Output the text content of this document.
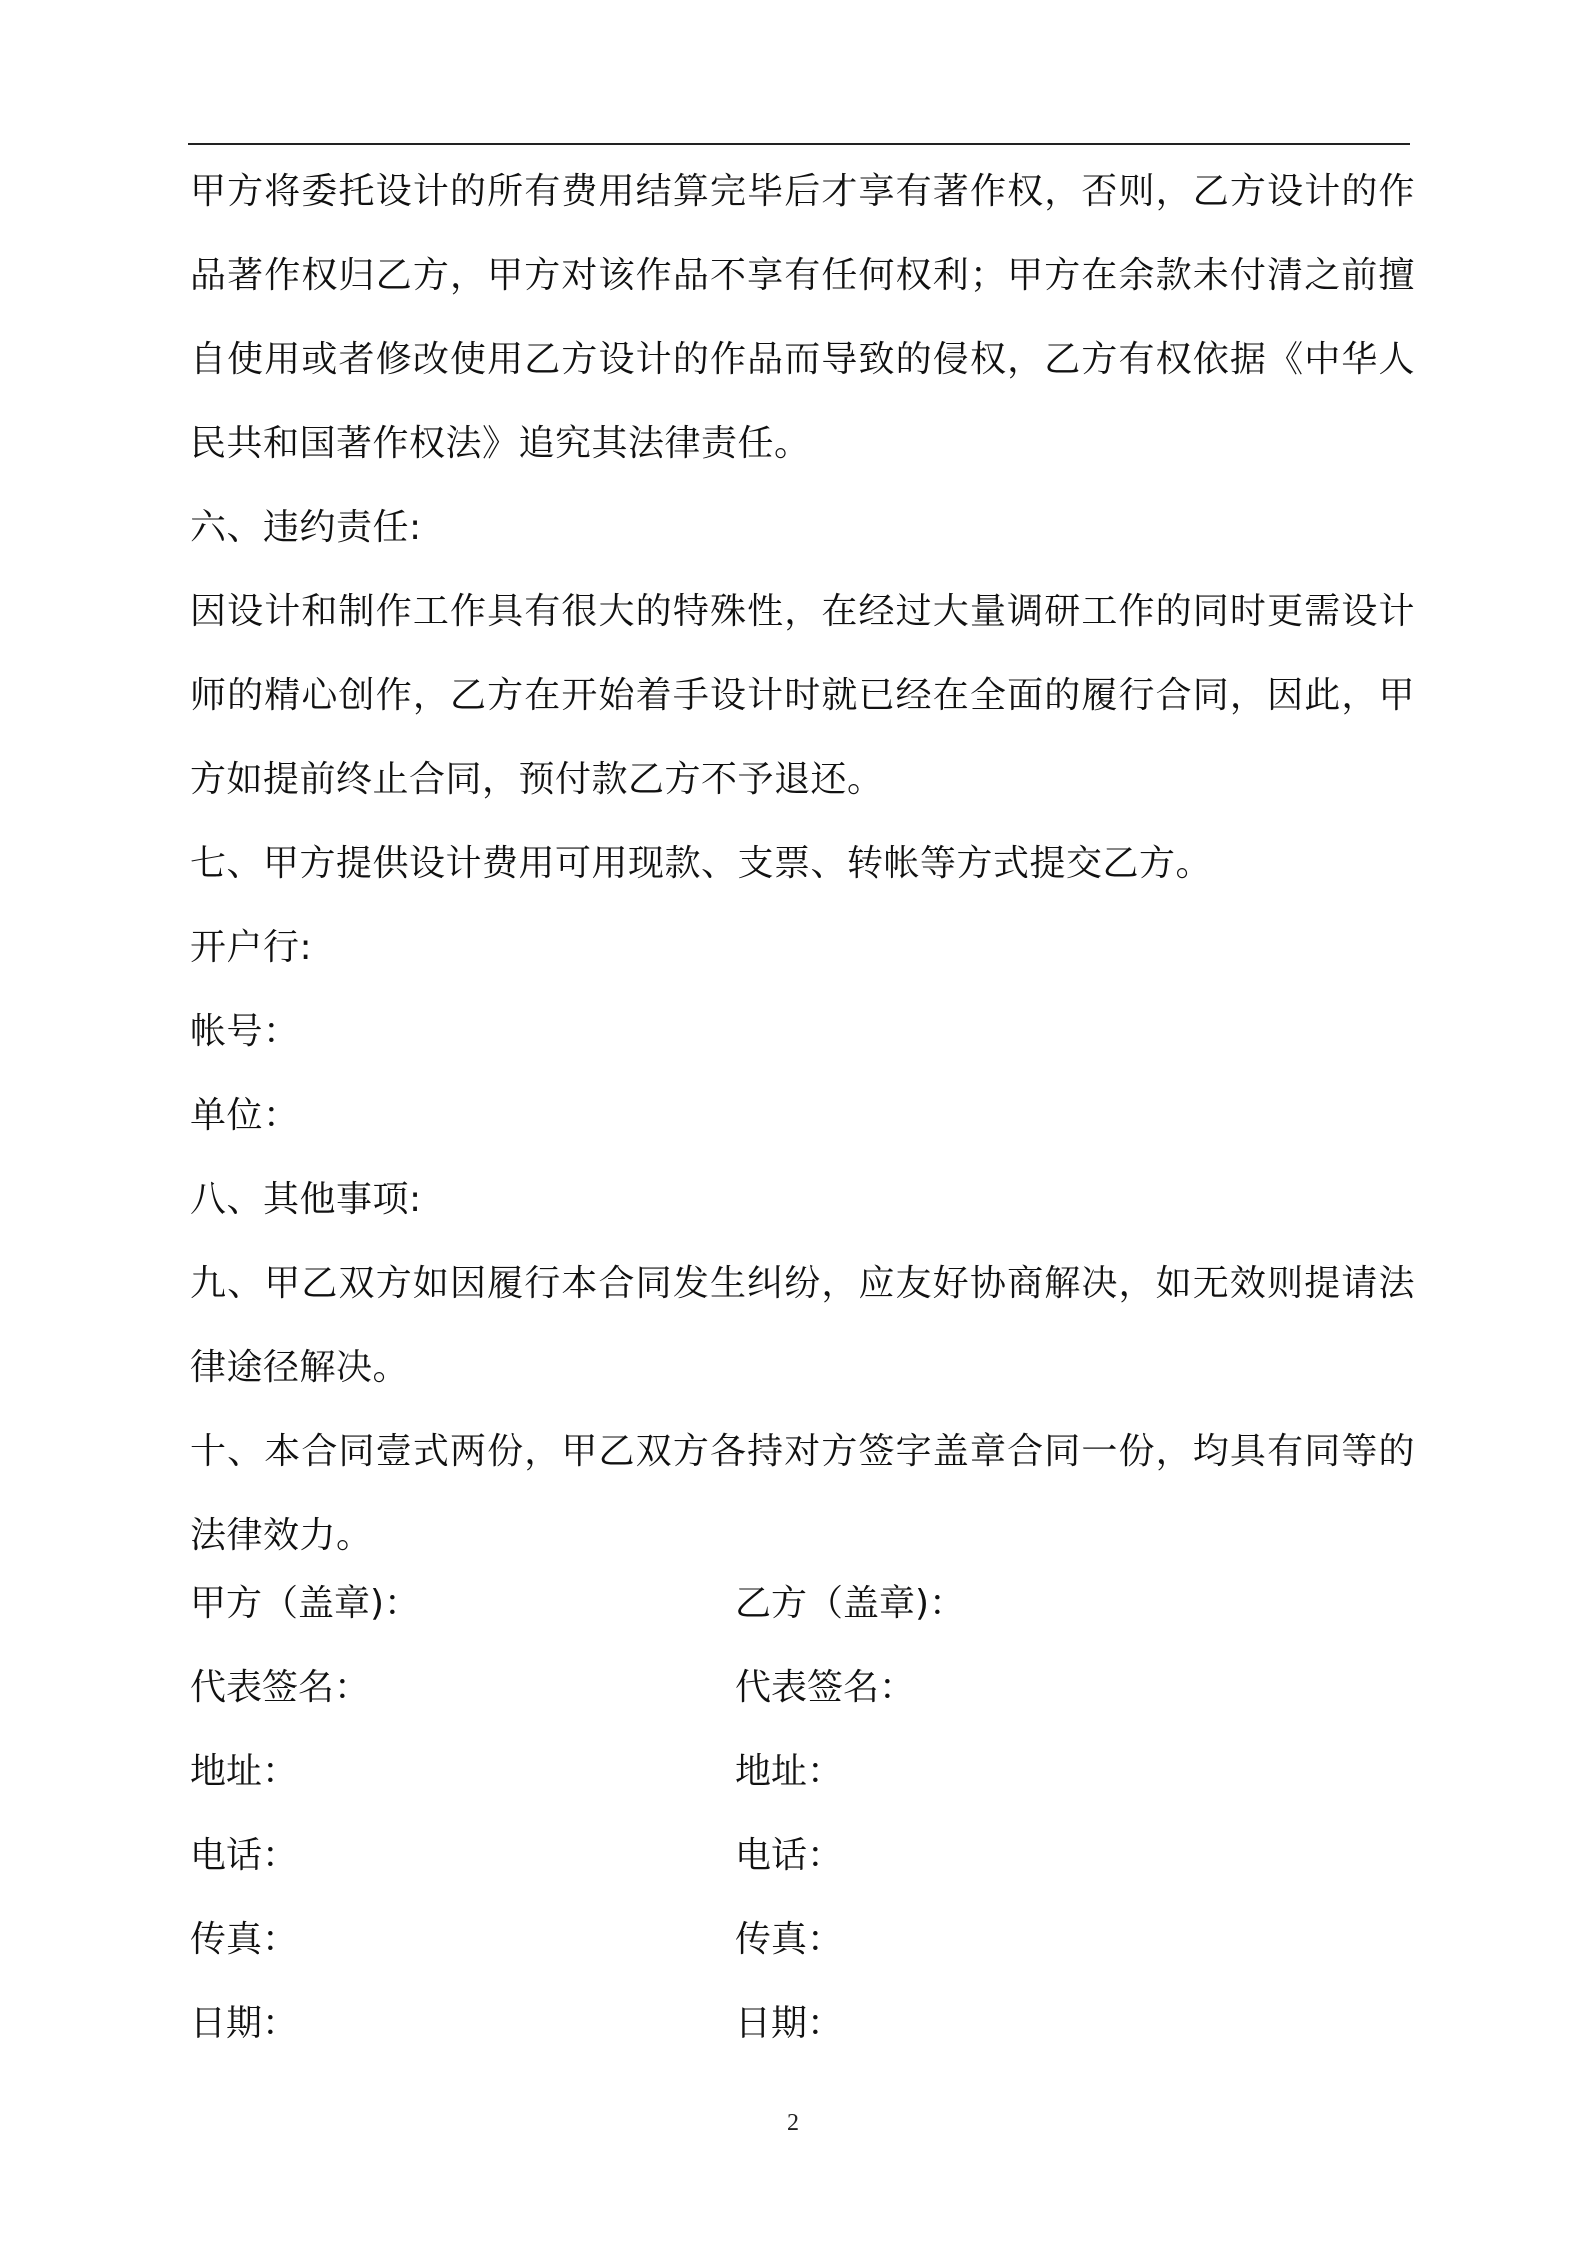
甲方将委托设计的所有费用结算完毕后才享有著作权，否则，乙方设计的作品著作权归乙方，甲方对该作品不享有任何权利；甲方在余款未付清之前擅自使用或者修改使用乙方设计的作品而导致的侵权，乙方有权依据《中华人民共和国著作权法》追究其法律责任。

六、违约责任:

因设计和制作工作具有很大的特殊性，在经过大量调研工作的同时更需设计师的精心创作，乙方在开始着手设计时就已经在全面的履行合同，因此，甲方如提前终止合同，预付款乙方不予退还。

七、甲方提供设计费用可用现款、支票、转帐等方式提交乙方。

开户行:

帐号：

单位：

八、其他事项:

九、甲乙双方如因履行本合同发生纠纷，应友好协商解决，如无效则提请法律途径解决。

十、本合同壹式两份，甲乙双方各持对方签字盖章合同一份，均具有同等的法律效力。

甲方（盖章)：	乙方（盖章)：
代表签名：	代表签名：
地址：	地址：
电话：	电话：
传真：	传真：
日期：	日期：
2
